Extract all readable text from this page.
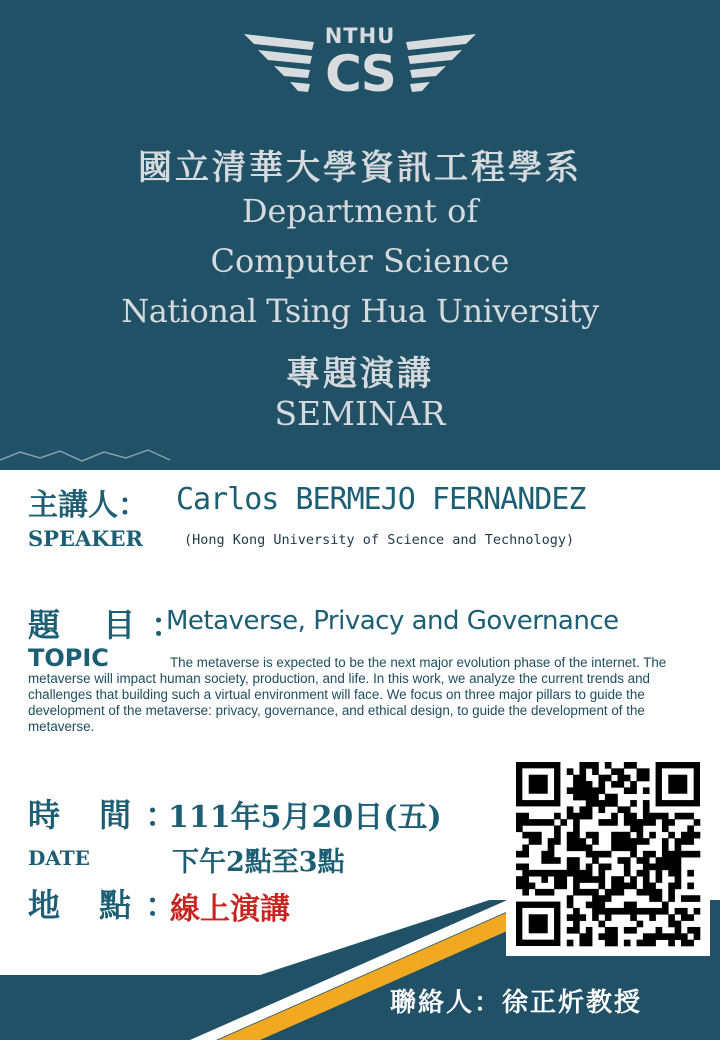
NTHU
CS
國立清華大學資訊工程學系
Department of
Computer Science
National Tsing Hua University
專題演講
SEMINAR
主講人： Carlos BERMEJO FERNANDEZ
SPEAKER	(Hong Kong University of Science and Technology)
題 目：
Metaverse, Privacy and Governance
TOPIC	The metaverse is expected to be the next major evolution phase of the internet. The metaverse will impact human society, production, and life. In this work, we analyze the current trends and challenges that building such a virtual environment will face. We focus on three major pillars to guide the development of the metaverse: privacy, governance, and ethical design, to guide the development of the metaverse.
時 間：
111年5月20日(五)
DATE	下午2點至3點
地 點：
線上演講
聯絡人：徐正炘教授
